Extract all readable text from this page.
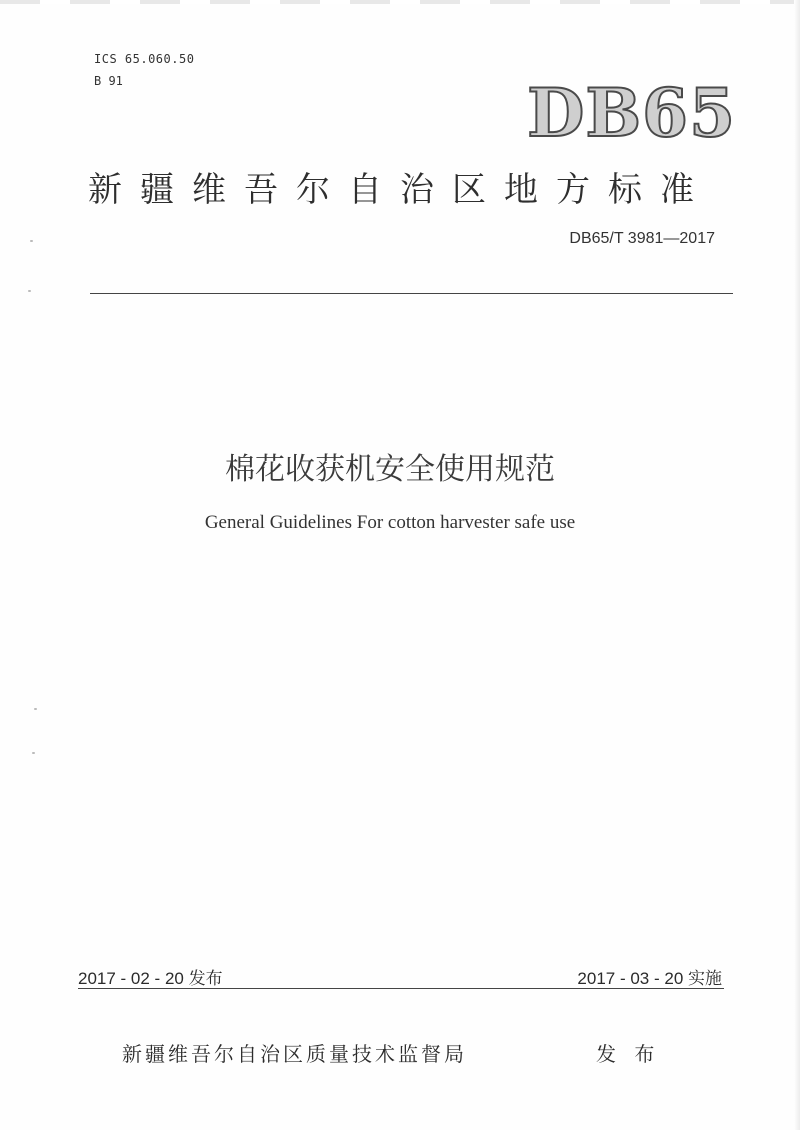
ICS 65.060.50
B 91	DB65
新疆维吾尔自治区地方标准
DB65/T 3981—2017
棉花收获机安全使用规范
General Guidelines For cotton harvester safe use
2017 - 02 - 20 发布	2017 - 03 - 20 实施
新疆维吾尔自治区质量技术监督局	发 布
